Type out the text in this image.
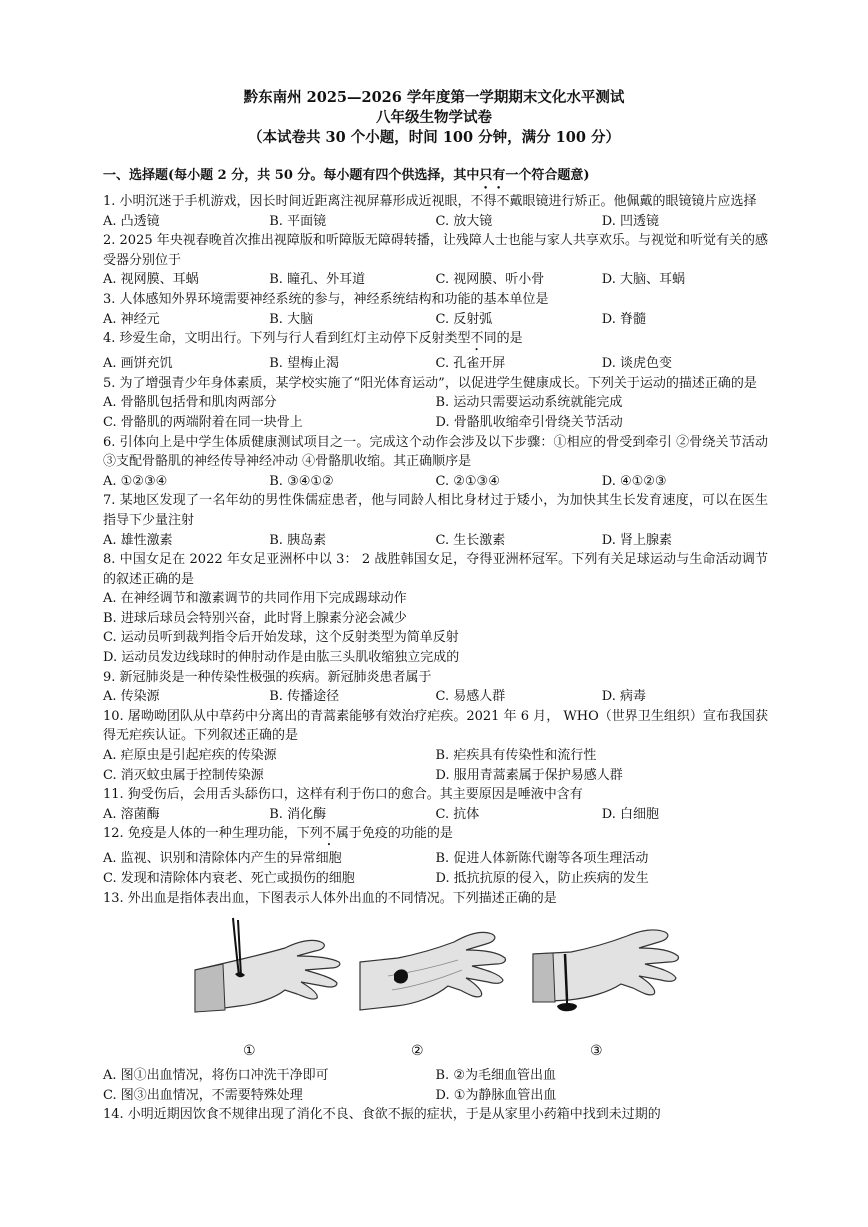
黔东南州 2025—2026 学年度第一学期期末文化水平测试
八年级生物学试卷
（本试卷共 30 个小题，时间 100 分钟，满分 100 分）
一、选择题(每小题 2 分，共 50 分。每小题有四个供选择，其中只有一个符合题意)
1. 小明沉迷于手机游戏，因长时间近距离注视屏幕形成近视眼，不得不戴眼镜进行矫正。他佩戴的眼镜镜片应选择
A. 凸透镜	B. 平面镜	C. 放大镜	D. 凹透镜
2. 2025 年央视春晚首次推出视障版和听障版无障碍转播，让残障人士也能与家人共享欢乐。与视觉和听觉有关的感受器分别位于
A. 视网膜、耳蜗	B. 瞳孔、外耳道	C. 视网膜、听小骨	D. 大脑、耳蜗
3. 人体感知外界环境需要神经系统的参与，神经系统结构和功能的基本单位是
A. 神经元	B. 大脑	C. 反射弧	D. 脊髓
4. 珍爱生命，文明出行。下列与行人看到红灯主动停下反射类型不同的是
A. 画饼充饥	B. 望梅止渴	C. 孔雀开屏	D. 谈虎色变
5. 为了增强青少年身体素质，某学校实施了“阳光体育运动”，以促进学生健康成长。下列关于运动的描述正确的是
A. 骨骼肌包括骨和肌肉两部分	B. 运动只需要运动系统就能完成
C. 骨骼肌的两端附着在同一块骨上	D. 骨骼肌收缩牵引骨绕关节活动
6. 引体向上是中学生体质健康测试项目之一。完成这个动作会涉及以下步骤：①相应的骨受到牵引 ②骨绕关节活动 ③支配骨骼肌的神经传导神经冲动 ④骨骼肌收缩。其正确顺序是
A. ①②③④	B. ③④①②	C. ②①③④	D. ④①②③
7. 某地区发现了一名年幼的男性侏儒症患者，他与同龄人相比身材过于矮小，为加快其生长发育速度，可以在医生指导下少量注射
A. 雄性激素	B. 胰岛素	C. 生长激素	D. 肾上腺素
8. 中国女足在 2022 年女足亚洲杯中以 3： 2 战胜韩国女足，夺得亚洲杯冠军。下列有关足球运动与生命活动调节的叙述正确的是
A. 在神经调节和激素调节的共同作用下完成踢球动作
B. 进球后球员会特别兴奋，此时肾上腺素分泌会减少
C. 运动员听到裁判指令后开始发球，这个反射类型为简单反射
D. 运动员发边线球时的伸肘动作是由肱三头肌收缩独立完成的
9. 新冠肺炎是一种传染性极强的疾病。新冠肺炎患者属于
A. 传染源	B. 传播途径	C. 易感人群	D. 病毒
10. 屠呦呦团队从中草药中分离出的青蒿素能够有效治疗疟疾。2021 年 6 月， WHO（世界卫生组织）宣布我国获得无疟疾认证。下列叙述正确的是
A. 疟原虫是引起疟疾的传染源	B. 疟疾具有传染性和流行性
C. 消灭蚊虫属于控制传染源	D. 服用青蒿素属于保护易感人群
11. 狗受伤后，会用舌头舔伤口，这样有利于伤口的愈合。其主要原因是唾液中含有
A. 溶菌酶	B. 消化酶	C. 抗体	D. 白细胞
12. 免疫是人体的一种生理功能，下列不属于免疫的功能的是
A. 监视、识别和清除体内产生的异常细胞	B. 促进人体新陈代谢等各项生理活动
C. 发现和清除体内衰老、死亡或损伤的细胞	D. 抵抗抗原的侵入，防止疾病的发生
13. 外出血是指体表出血，下图表示人体外出血的不同情况。下列描述正确的是
①	②	③
A. 图①出血情况，将伤口冲洗干净即可	B. ②为毛细血管出血
C. 图③出血情况，不需要特殊处理	D. ①为静脉血管出血
14. 小明近期因饮食不规律出现了消化不良、食欲不振的症状，于是从家里小药箱中找到未过期的
